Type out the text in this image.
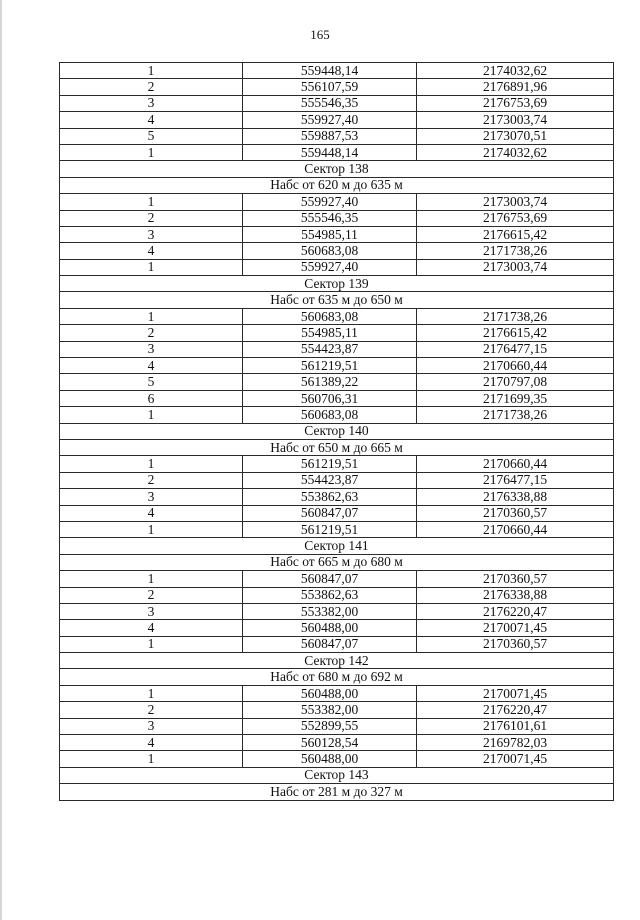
165
1	559448,14	2174032,62
2	556107,59	2176891,96
3	555546,35	2176753,69
4	559927,40	2173003,74
5	559887,53	2173070,51
1	559448,14	2174032,62
Сектор 138		
Набс от 620 м до 635 м		
1	559927,40	2173003,74
2	555546,35	2176753,69
3	554985,11	2176615,42
4	560683,08	2171738,26
1	559927,40	2173003,74
Сектор 139		
Набс от 635 м до 650 м		
1	560683,08	2171738,26
2	554985,11	2176615,42
3	554423,87	2176477,15
4	561219,51	2170660,44
5	561389,22	2170797,08
6	560706,31	2171699,35
1	560683,08	2171738,26
Сектор 140		
Набс от 650 м до 665 м		
1	561219,51	2170660,44
2	554423,87	2176477,15
3	553862,63	2176338,88
4	560847,07	2170360,57
1	561219,51	2170660,44
Сектор 141		
Набс от 665 м до 680 м		
1	560847,07	2170360,57
2	553862,63	2176338,88
3	553382,00	2176220,47
4	560488,00	2170071,45
1	560847,07	2170360,57
Сектор 142		
Набс от 680 м до 692 м		
1	560488,00	2170071,45
2	553382,00	2176220,47
3	552899,55	2176101,61
4	560128,54	2169782,03
1	560488,00	2170071,45
Сектор 143		
Набс от 281 м до 327 м		
